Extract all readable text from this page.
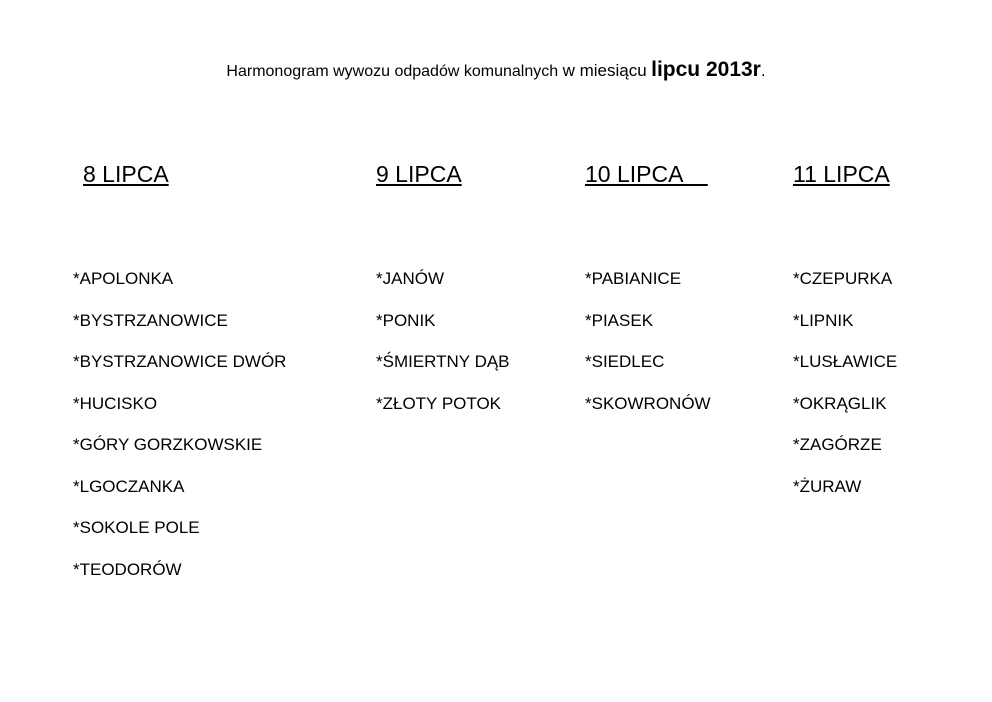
Harmonogram wywozu odpadów komunalnych w miesiącu lipcu 2013r.
8 LIPCA
*APOLONKA
*BYSTRZANOWICE
*BYSTRZANOWICE DWÓR
*HUCISKO
*GÓRY GORZKOWSKIE
*LGOCZANKA
*SOKOLE POLE
*TEODORÓW
9 LIPCA
*JANÓW
*PONIK
*ŚMIERTNY DĄB
*ZŁOTY POTOK
10 LIPCA
*PABIANICE
*PIASEK
*SIEDLEC
*SKOWRONÓW
11 LIPCA
*CZEPURKA
*LIPNIK
*LUSŁAWICE
*OKRĄGLIK
*ZAGÓRZE
*ŻURAW
